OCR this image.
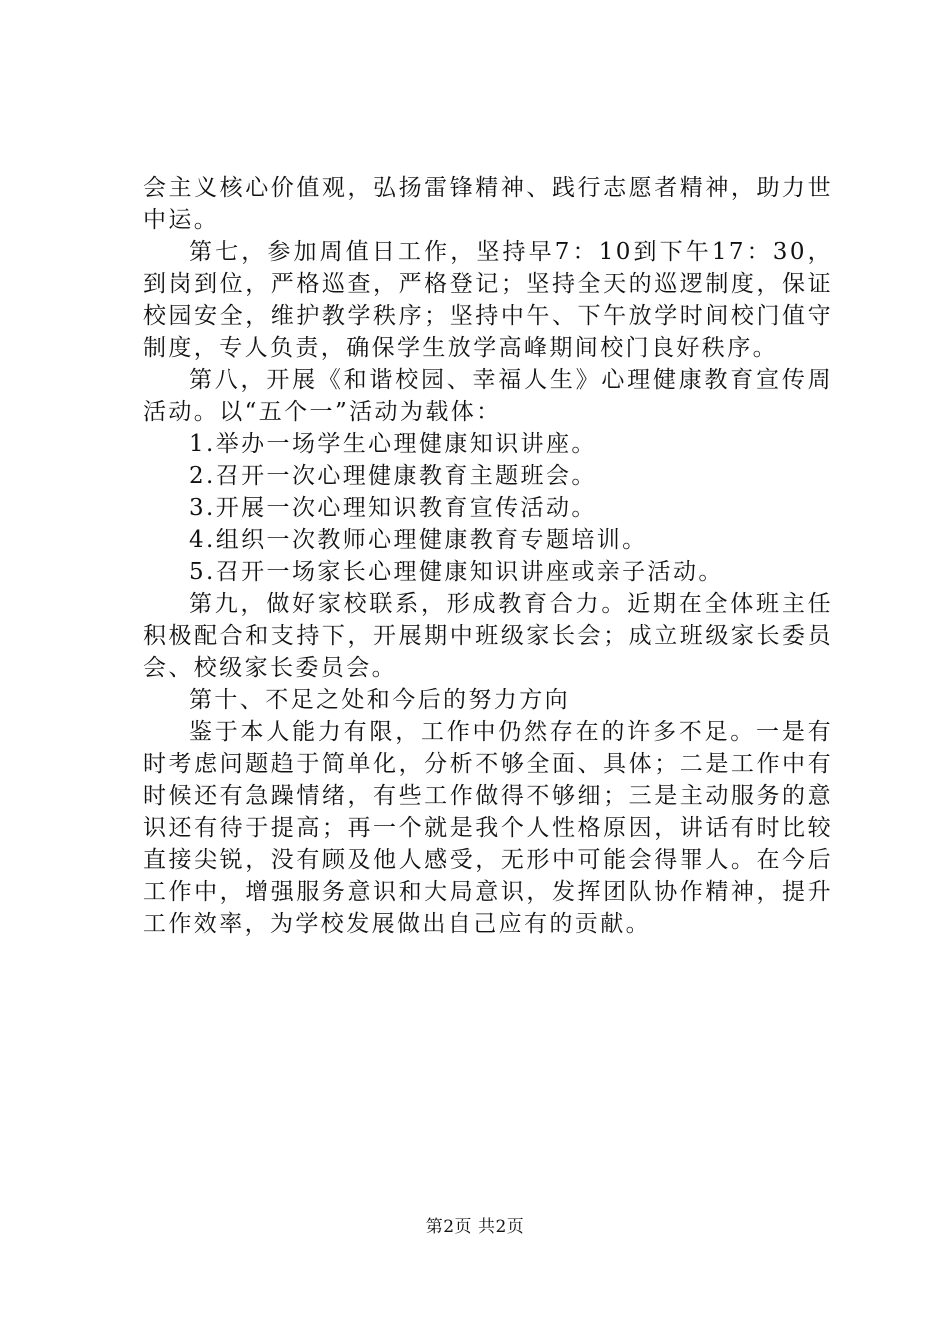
会主义核心价值观，弘扬雷锋精神、践行志愿者精神，助力世中运。

第七，参加周值日工作，坚持早7：10到下午17：30，到岗到位，严格巡查，严格登记；坚持全天的巡逻制度，保证校园安全，维护教学秩序；坚持中午、下午放学时间校门值守制度，专人负责，确保学生放学高峰期间校门良好秩序。

第八，开展《和谐校园、幸福人生》心理健康教育宣传周活动。以“五个一”活动为载体：

1.举办一场学生心理健康知识讲座。

2.召开一次心理健康教育主题班会。

3.开展一次心理知识教育宣传活动。

4.组织一次教师心理健康教育专题培训。

5.召开一场家长心理健康知识讲座或亲子活动。

第九，做好家校联系，形成教育合力。近期在全体班主任积极配合和支持下，开展期中班级家长会；成立班级家长委员会、校级家长委员会。

第十、不足之处和今后的努力方向

鉴于本人能力有限，工作中仍然存在的许多不足。一是有时考虑问题趋于简单化，分析不够全面、具体；二是工作中有时候还有急躁情绪，有些工作做得不够细；三是主动服务的意识还有待于提高；再一个就是我个人性格原因，讲话有时比较直接尖锐，没有顾及他人感受，无形中可能会得罪人。在今后工作中，增强服务意识和大局意识，发挥团队协作精神，提升工作效率，为学校发展做出自己应有的贡献。

第2页 共2页
